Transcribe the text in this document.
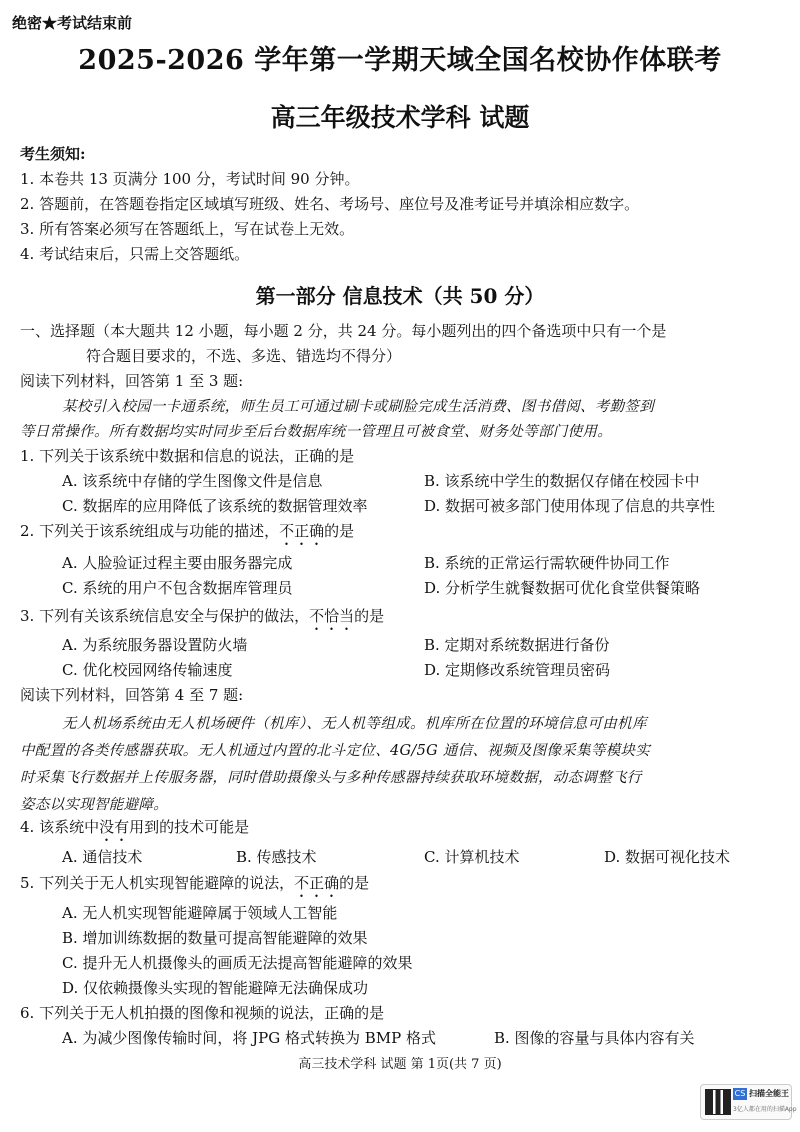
绝密★考试结束前
2025-2026 学年第一学期天域全国名校协作体联考
高三年级技术学科 试题
考生须知:
1. 本卷共 13 页满分 100 分，考试时间 90 分钟。
2. 答题前，在答题卷指定区域填写班级、姓名、考场号、座位号及准考证号并填涂相应数字。
3. 所有答案必须写在答题纸上，写在试卷上无效。
4. 考试结束后，只需上交答题纸。
第一部分 信息技术（共 50 分）
一、选择题（本大题共 12 小题，每小题 2 分，共 24 分。每小题列出的四个备选项中只有一个是
符合题目要求的，不选、多选、错选均不得分）
阅读下列材料，回答第 1 至 3 题:
某校引入校园一卡通系统，师生员工可通过刷卡或刷脸完成生活消费、图书借阅、考勤签到
等日常操作。所有数据均实时同步至后台数据库统一管理且可被食堂、财务处等部门使用。
1. 下列关于该系统中数据和信息的说法，正确的是
A. 该系统中存储的学生图像文件是信息	B. 该系统中学生的数据仅存储在校园卡中
C. 数据库的应用降低了该系统的数据管理效率	D. 数据可被多部门使用体现了信息的共享性
2. 下列关于该系统组成与功能的描述，不正确的是
A. 人脸验证过程主要由服务器完成	B. 系统的正常运行需软硬件协同工作
C. 系统的用户不包含数据库管理员	D. 分析学生就餐数据可优化食堂供餐策略
3. 下列有关该系统信息安全与保护的做法，不恰当的是
A. 为系统服务器设置防火墙	B. 定期对系统数据进行备份
C. 优化校园网络传输速度	D. 定期修改系统管理员密码
阅读下列材料，回答第 4 至 7 题:
无人机场系统由无人机场硬件（机库）、无人机等组成。机库所在位置的环境信息可由机库
中配置的各类传感器获取。无人机通过内置的北斗定位、4G/5G 通信、视频及图像采集等模块实
时采集飞行数据并上传服务器，同时借助摄像头与多种传感器持续获取环境数据，动态调整飞行
姿态以实现智能避障。
4. 该系统中没有用到的技术可能是
A. 通信技术	B. 传感技术	C. 计算机技术	D. 数据可视化技术
5. 下列关于无人机实现智能避障的说法，不正确的是
A. 无人机实现智能避障属于领域人工智能
B. 增加训练数据的数量可提高智能避障的效果
C. 提升无人机摄像头的画质无法提高智能避障的效果
D. 仅依赖摄像头实现的智能避障无法确保成功
6. 下列关于无人机拍摄的图像和视频的说法，正确的是
A. 为减少图像传输时间，将 JPG 格式转换为 BMP 格式	B. 图像的容量与具体内容有关
高三技术学科 试题 第 1页(共 7 页)
CS 扫描全能王
3亿人都在用的扫描App
